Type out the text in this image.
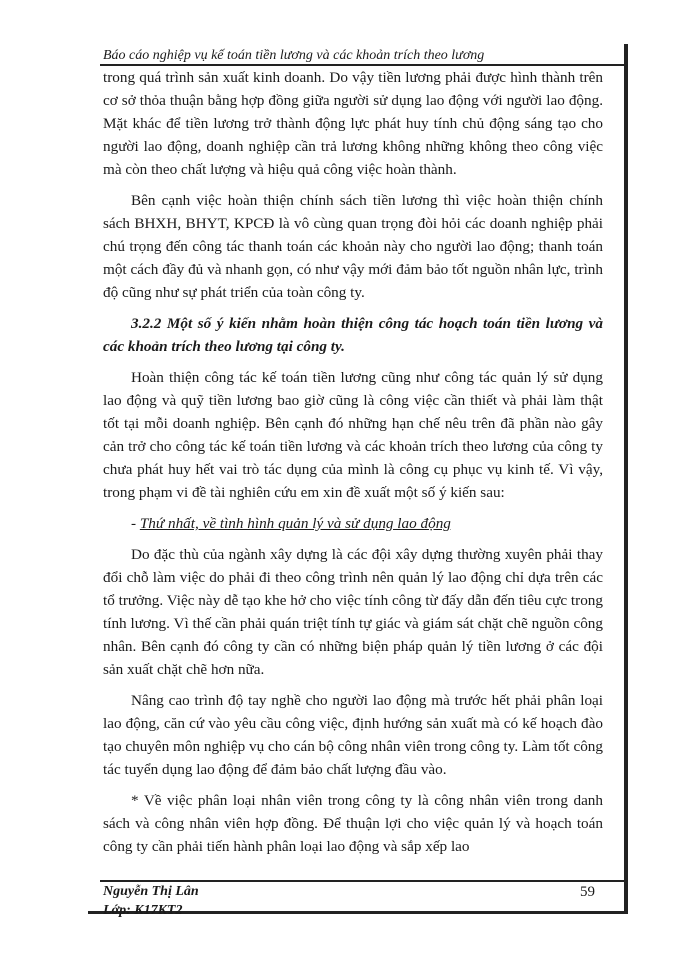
Báo cáo nghiệp vụ kế toán tiền lương và các khoản trích theo lương

trong quá trình sản xuất kinh doanh. Do vậy tiền lương phải được hình thành trên cơ sở thỏa thuận bằng hợp đồng giữa người sử dụng lao động với người lao động. Mặt khác để tiền lương trở thành động lực phát huy tính chủ động sáng tạo cho người lao động, doanh nghiệp cần trả lương không những không theo công việc mà còn theo chất lượng và hiệu quả công việc hoàn thành.

Bên cạnh việc hoàn thiện chính sách tiền lương thì việc hoàn thiện chính sách BHXH, BHYT, KPCĐ là vô cùng quan trọng đòi hỏi các doanh nghiệp phải chú trọng đến công tác thanh toán các khoản này cho người lao động; thanh toán một cách đầy đủ và nhanh gọn, có như vậy mới đảm bảo tốt nguồn nhân lực, trình độ cũng như sự phát triển của toàn công ty.

3.2.2 Một số ý kiến nhằm hoàn thiện công tác hoạch toán tiền lương và các khoản trích theo lương tại công ty.

Hoàn thiện công tác kế toán tiền lương cũng như công tác quản lý sử dụng lao động và quỹ tiền lương bao giờ cũng là công việc cần thiết và phải làm thật tốt tại mỗi doanh nghiệp. Bên cạnh đó những hạn chế nêu trên đã phần nào gây cản trở cho công tác kế toán tiền lương và các khoản trích theo lương của công ty chưa phát huy hết vai trò tác dụng của mình là công cụ phục vụ kinh tế. Vì vậy, trong phạm vi đề tài nghiên cứu em xin đề xuất một số ý kiến sau:

- Thứ nhất, về tình hình quản lý và sử dụng lao động

Do đặc thù của ngành xây dựng là các đội xây dựng thường xuyên phải thay đổi chỗ làm việc do phải đi theo công trình nên quản lý lao động chỉ dựa trên các tổ trưởng. Việc này dễ tạo khe hở cho việc tính công từ đấy dẫn đến tiêu cực trong tính lương. Vì thế cần phải quán triệt tính tự giác và giám sát chặt chẽ nguồn công nhân. Bên cạnh đó công ty cần có những biện pháp quản lý tiền lương ở các đội sản xuất chặt chẽ hơn nữa.

Nâng cao trình độ tay nghề cho người lao động mà trước hết phải phân loại lao động, căn cứ vào yêu cầu công việc, định hướng sản xuất mà có kế hoạch đào tạo chuyên môn nghiệp vụ cho cán bộ công nhân viên trong công ty. Làm tốt công tác tuyển dụng lao động để đảm bảo chất lượng đầu vào.

* Về việc phân loại nhân viên trong công ty là công nhân viên trong danh sách và công nhân viên hợp đồng. Để thuận lợi cho việc quản lý và hoạch toán công ty cần phải tiến hành phân loại lao động và sắp xếp lao

Nguyễn Thị Lân
Lớp: K17KT2
59
